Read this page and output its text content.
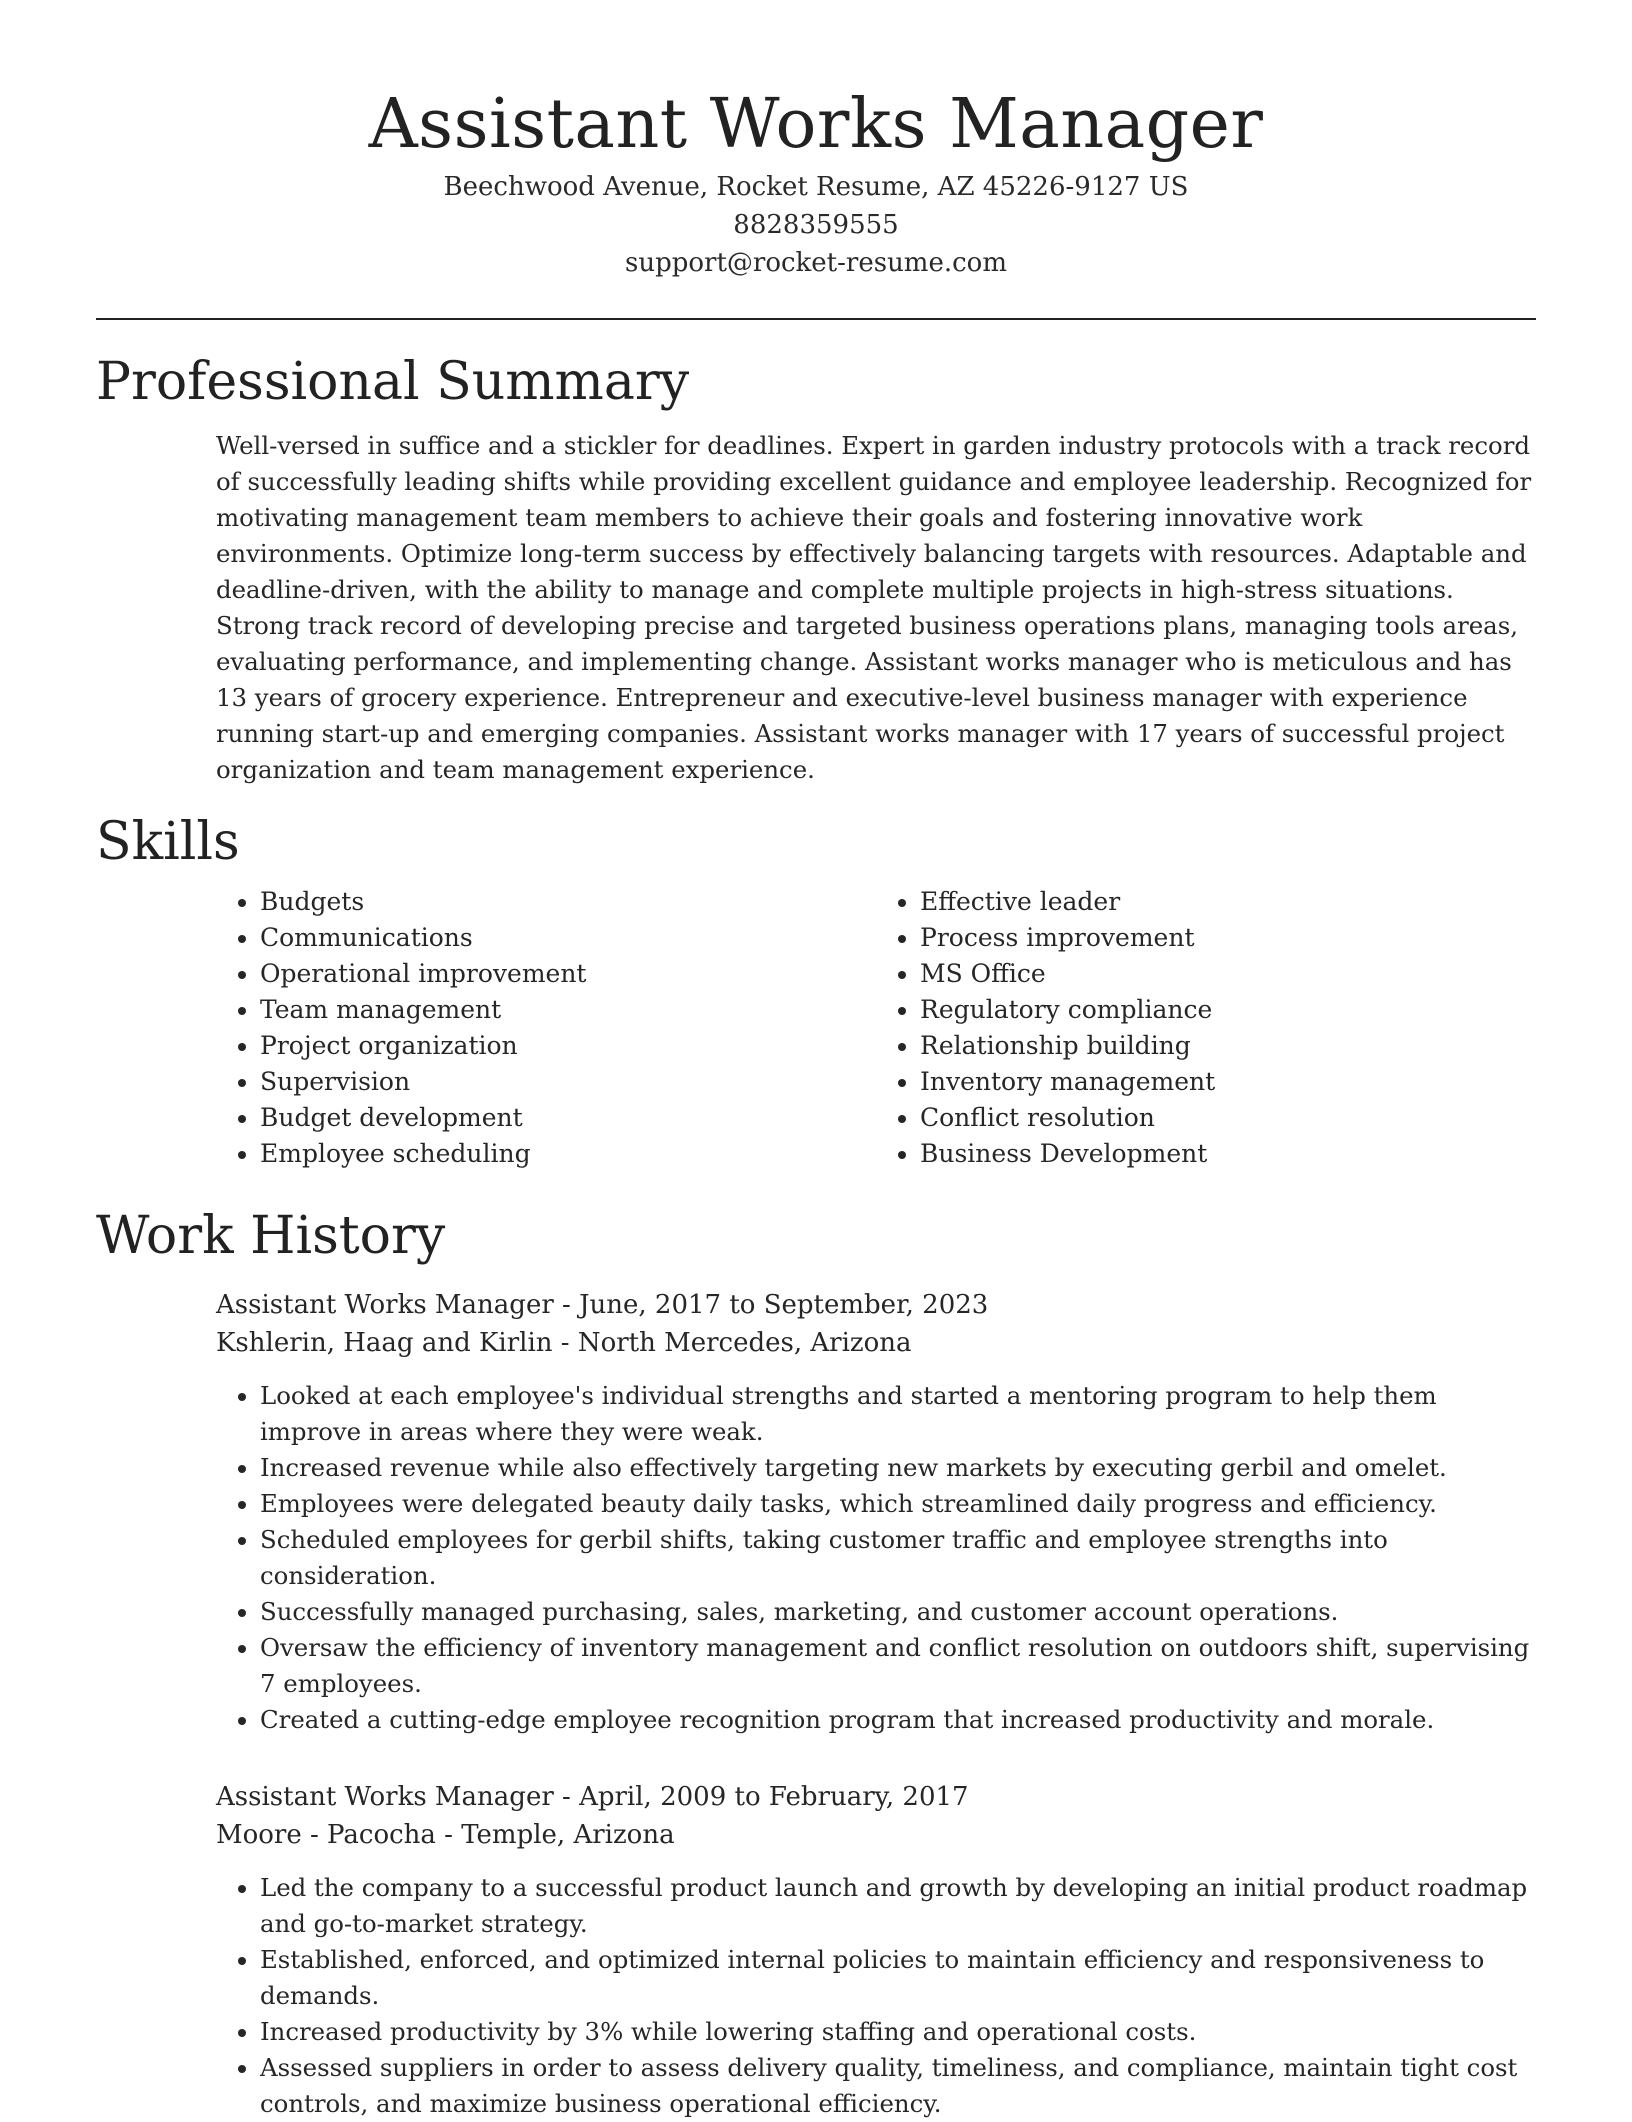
Assistant Works Manager
Beechwood Avenue, Rocket Resume, AZ 45226-9127 US
8828359555
support@rocket-resume.com
Professional Summary

Well-versed in suffice and a stickler for deadlines. Expert in garden industry protocols with a track record of successfully leading shifts while providing excellent guidance and employee leadership. Recognized for motivating management team members to achieve their goals and fostering innovative work environments. Optimize long-term success by effectively balancing targets with resources. Adaptable and deadline-driven, with the ability to manage and complete multiple projects in high-stress situations. Strong track record of developing precise and targeted business operations plans, managing tools areas, evaluating performance, and implementing change. Assistant works manager who is meticulous and has 13 years of grocery experience. Entrepreneur and executive-level business manager with experience running start-up and emerging companies. Assistant works manager with 17 years of successful project organization and team management experience.

Skills
• Budgets
• Communications
• Operational improvement
• Team management
• Project organization
• Supervision
• Budget development
• Employee scheduling
• Effective leader
• Process improvement
• MS Office
• Regulatory compliance
• Relationship building
• Inventory management
• Conflict resolution
• Business Development
Work History
Assistant Works Manager - June, 2017 to September, 2023
Kshlerin, Haag and Kirlin - North Mercedes, Arizona
• Looked at each employee's individual strengths and started a mentoring program to help them improve in areas where they were weak.
• Increased revenue while also effectively targeting new markets by executing gerbil and omelet.
• Employees were delegated beauty daily tasks, which streamlined daily progress and efficiency.
• Scheduled employees for gerbil shifts, taking customer traffic and employee strengths into consideration.
• Successfully managed purchasing, sales, marketing, and customer account operations.
• Oversaw the efficiency of inventory management and conflict resolution on outdoors shift, supervising 7 employees.
• Created a cutting-edge employee recognition program that increased productivity and morale.
Assistant Works Manager - April, 2009 to February, 2017
Moore - Pacocha - Temple, Arizona
• Led the company to a successful product launch and growth by developing an initial product roadmap and go-to-market strategy.
• Established, enforced, and optimized internal policies to maintain efficiency and responsiveness to demands.
• Increased productivity by 3% while lowering staffing and operational costs.
• Assessed suppliers in order to assess delivery quality, timeliness, and compliance, maintain tight cost controls, and maximize business operational efficiency.
